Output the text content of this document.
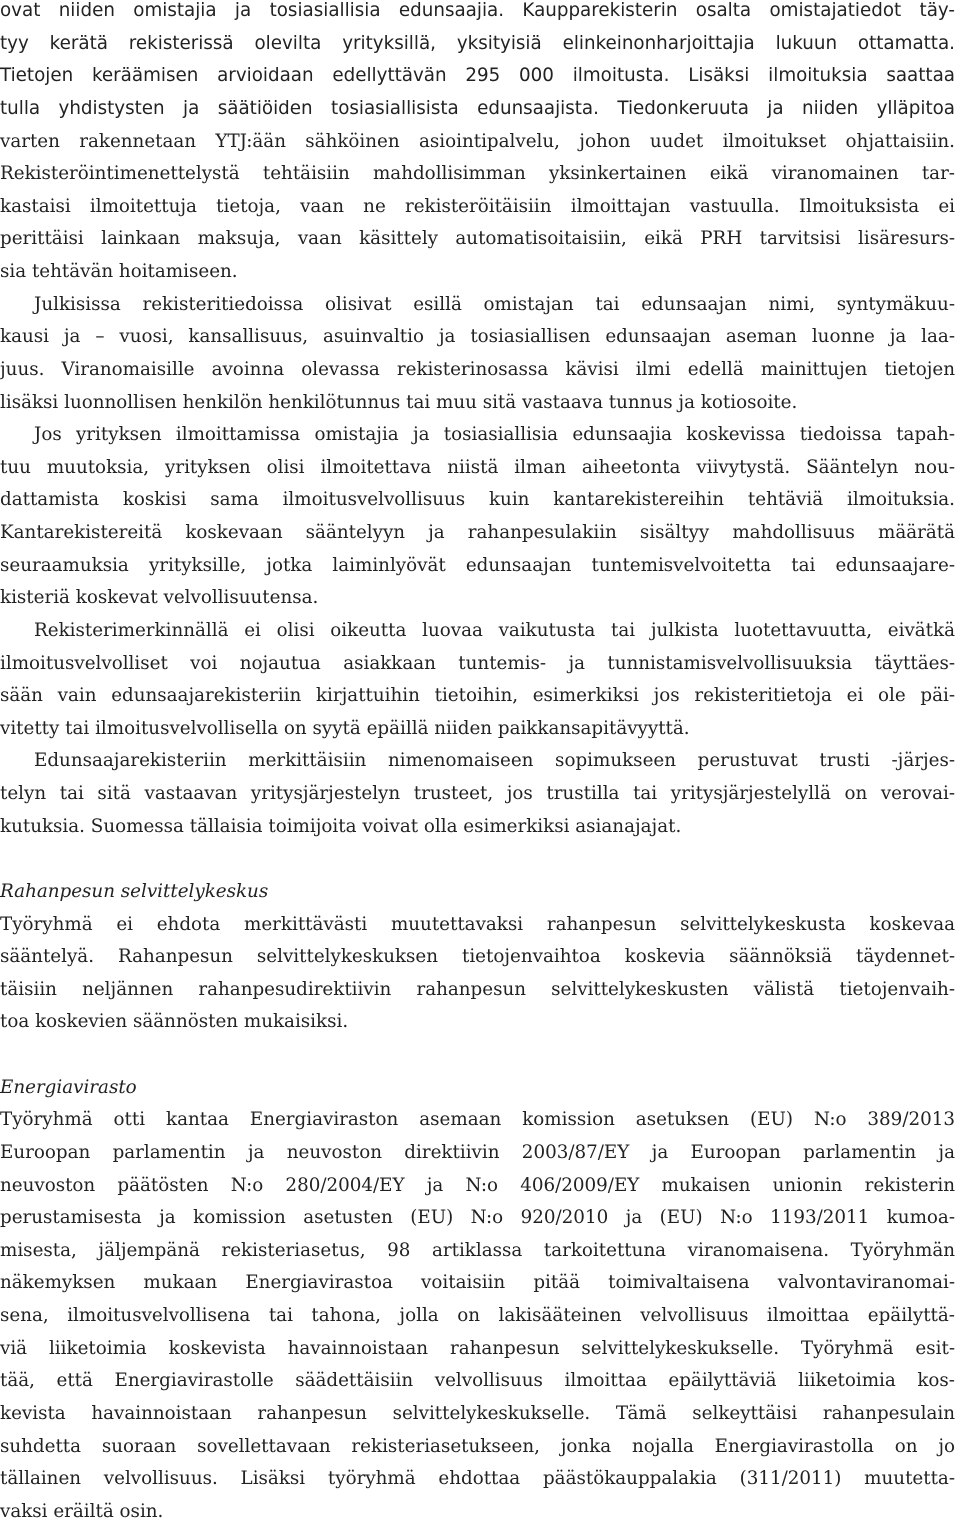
ovat niiden omistajia ja tosiasiallisia edunsaajia. Kaupparekisterin osalta omistajatiedot täy-
tyy kerätä rekisterissä olevilta yrityksillä, yksityisiä elinkeinonharjoittajia lukuun ottamatta.
Tietojen keräämisen arvioidaan edellyttävän 295 000 ilmoitusta. Lisäksi ilmoituksia saattaa
tulla yhdistysten ja säätiöiden tosiasiallisista edunsaajista. Tiedonkeruuta ja niiden ylläpitoa
varten rakennetaan YTJ:ään sähköinen asiointipalvelu, johon uudet ilmoitukset ohjattaisiin.
Rekisteröintimenettelystä tehtäisiin mahdollisimman yksinkertainen eikä viranomainen tar-
kastaisi ilmoitettuja tietoja, vaan ne rekisteröitäisiin ilmoittajan vastuulla. Ilmoituksista ei
perittäisi lainkaan maksuja, vaan käsittely automatisoitaisiin, eikä PRH tarvitsisi lisäresurs-
sia tehtävän hoitamiseen.
Julkisissa rekisteritiedoissa olisivat esillä omistajan tai edunsaajan nimi, syntymäkuu-
kausi ja – vuosi, kansallisuus, asuinvaltio ja tosiasiallisen edunsaajan aseman luonne ja laa-
juus. Viranomaisille avoinna olevassa rekisterinosassa kävisi ilmi edellä mainittujen tietojen
lisäksi luonnollisen henkilön henkilötunnus tai muu sitä vastaava tunnus ja kotiosoite.
Jos yrityksen ilmoittamissa omistajia ja tosiasiallisia edunsaajia koskevissa tiedoissa tapah-
tuu muutoksia, yrityksen olisi ilmoitettava niistä ilman aiheetonta viivytystä. Sääntelyn nou-
dattamista koskisi sama ilmoitusvelvollisuus kuin kantarekistereihin tehtäviä ilmoituksia.
Kantarekistereitä koskevaan sääntelyyn ja rahanpesulakiin sisältyy mahdollisuus määrätä
seuraamuksia yrityksille, jotka laiminlyövät edunsaajan tuntemisvelvoitetta tai edunsaajare-
kisteriä koskevat velvollisuutensa.
Rekisterimerkinnällä ei olisi oikeutta luovaa vaikutusta tai julkista luotettavuutta, eivätkä
ilmoitusvelvolliset voi nojautua asiakkaan tuntemis- ja tunnistamisvelvollisuuksia täyttäes-
sään vain edunsaajarekisteriin kirjattuihin tietoihin, esimerkiksi jos rekisteritietoja ei ole päi-
vitetty tai ilmoitusvelvollisella on syytä epäillä niiden paikkansapitävyyttä.
Edunsaajarekisteriin merkittäisiin nimenomaiseen sopimukseen perustuvat trusti -järjes-
telyn tai sitä vastaavan yritysjärjestelyn trusteet, jos trustilla tai yritysjärjestelyllä on verovai-
kutuksia. Suomessa tällaisia toimijoita voivat olla esimerkiksi asianajajat.
Rahanpesun selvittelykeskus
Työryhmä ei ehdota merkittävästi muutettavaksi rahanpesun selvittelykeskusta koskevaa
sääntelyä. Rahanpesun selvittelykeskuksen tietojenvaihtoa koskevia säännöksiä täydennet-
täisiin neljännen rahanpesudirektiivin rahanpesun selvittelykeskusten välistä tietojenvaih-
toa koskevien säännösten mukaisiksi.
Energiavirasto
Työryhmä otti kantaa Energiaviraston asemaan komission asetuksen (EU) N:o 389/2013
Euroopan parlamentin ja neuvoston direktiivin 2003/87/EY ja Euroopan parlamentin ja
neuvoston päätösten N:o 280/2004/EY ja N:o 406/2009/EY mukaisen unionin rekisterin
perustamisesta ja komission asetusten (EU) N:o 920/2010 ja (EU) N:o 1193/2011 kumoa-
misesta, jäljempänä rekisteriasetus, 98 artiklassa tarkoitettuna viranomaisena. Työryhmän
näkemyksen mukaan Energiavirastoa voitaisiin pitää toimivaltaisena valvontaviranomai-
sena, ilmoitusvelvollisena tai tahona, jolla on lakisääteinen velvollisuus ilmoittaa epäilyttä-
viä liiketoimia koskevista havainnoistaan rahanpesun selvittelykeskukselle. Työryhmä esit-
tää, että Energiavirastolle säädettäisiin velvollisuus ilmoittaa epäilyttäviä liiketoimia kos-
kevista havainnoistaan rahanpesun selvittelykeskukselle. Tämä selkeyttäisi rahanpesulain
suhdetta suoraan sovellettavaan rekisteriasetukseen, jonka nojalla Energiavirastolla on jo
tällainen velvollisuus. Lisäksi työryhmä ehdottaa päästökauppalakia (311/2011) muutetta-
vaksi eräiltä osin.
